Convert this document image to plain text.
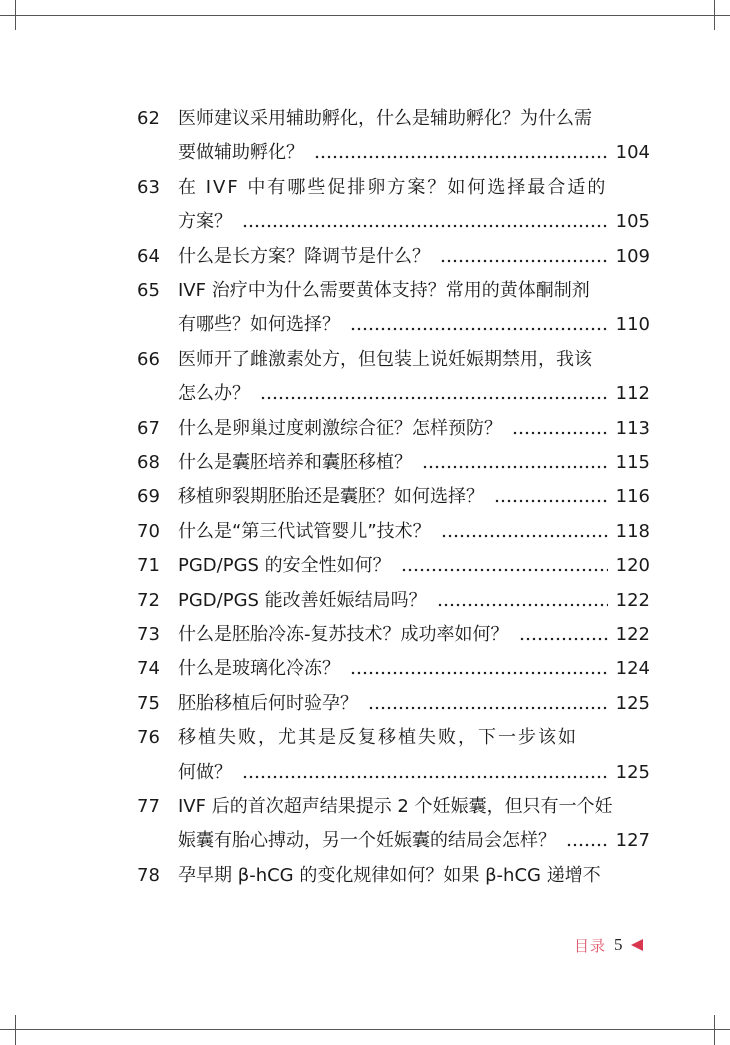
62	医师建议采用辅助孵化，什么是辅助孵化？为什么需
要做辅助孵化？	104
63	在 IVF 中有哪些促排卵方案？如何选择最合适的
方案？	105
64	什么是长方案？降调节是什么？	109
65	IVF 治疗中为什么需要黄体支持？常用的黄体酮制剂
有哪些？如何选择？	110
66	医师开了雌激素处方，但包装上说妊娠期禁用，我该
怎么办？	112
67	什么是卵巢过度刺激综合征？怎样预防？	113
68	什么是囊胚培养和囊胚移植？	115
69	移植卵裂期胚胎还是囊胚？如何选择？	116
70	什么是“第三代试管婴儿”技术？	118
71	PGD/PGS 的安全性如何？	120
72	PGD/PGS 能改善妊娠结局吗？	122
73	什么是胚胎冷冻-复苏技术？成功率如何？	122
74	什么是玻璃化冷冻？	124
75	胚胎移植后何时验孕？	125
76	移植失败，尤其是反复移植失败，下一步该如
何做？	125
77	IVF 后的首次超声结果提示 2 个妊娠囊，但只有一个妊
娠囊有胎心搏动，另一个妊娠囊的结局会怎样？	127
78	孕早期 β-hCG 的变化规律如何？如果 β-hCG 递增不
目录 5
